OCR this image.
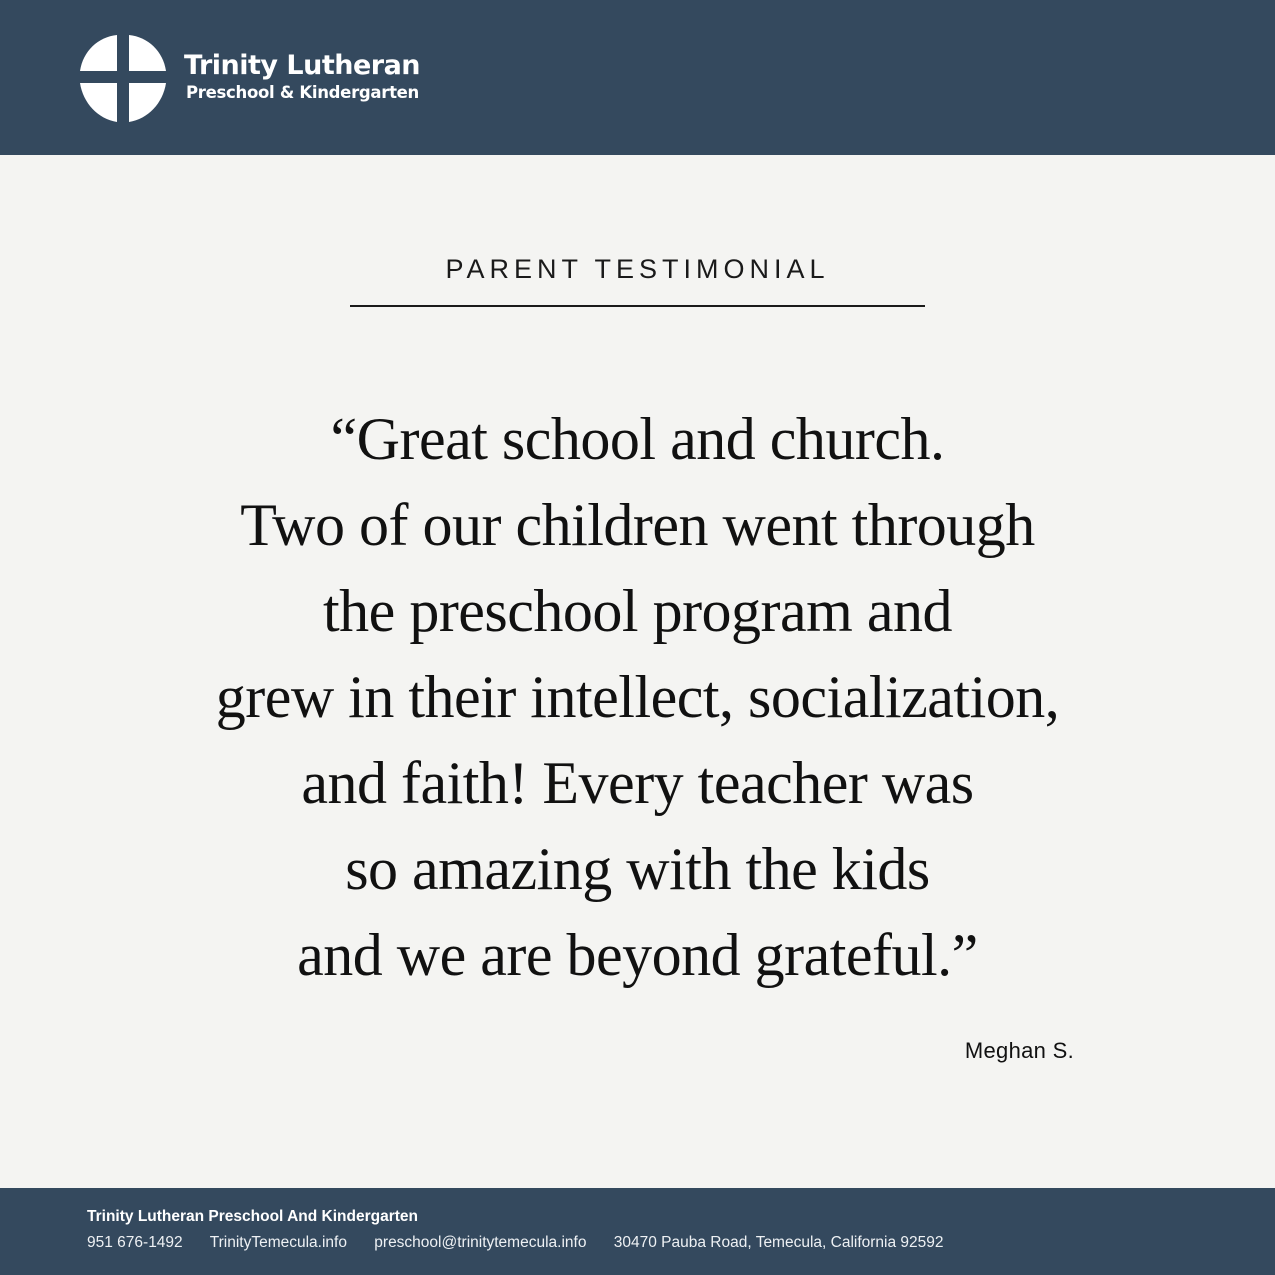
Trinity Lutheran
Preschool & Kindergarten
PARENT TESTIMONIAL
“Great school and church.
Two of our children went through
the preschool program and
grew in their intellect, socialization,
and faith! Every teacher was
so amazing with the kids
and we are beyond grateful.”
Meghan S.
Trinity Lutheran Preschool And Kindergarten
951 676-1492 TrinityTemecula.info preschool@trinitytemecula.info 30470 Pauba Road, Temecula, California 92592
